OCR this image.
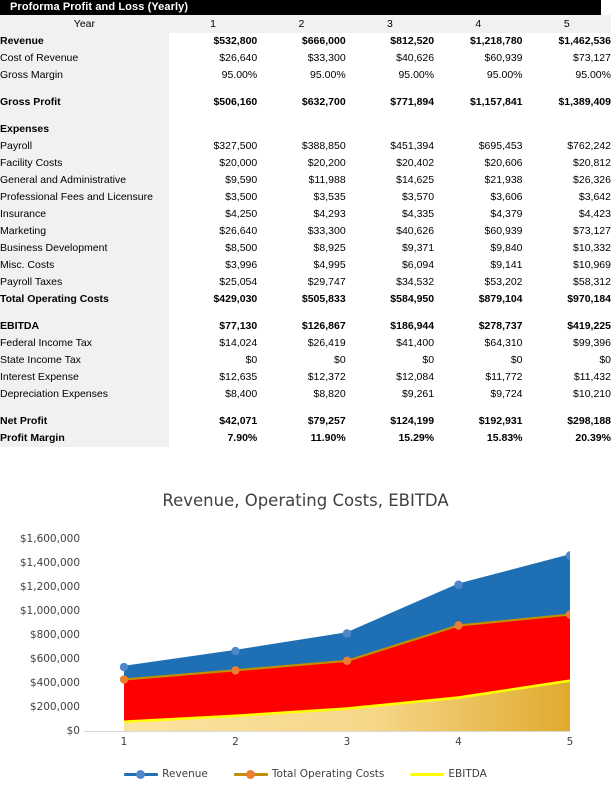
Proforma Profit and Loss (Yearly)
Year	1	2	3	4	5
Revenue	$532,800	$666,000	$812,520	$1,218,780	$1,462,536
Cost of Revenue	$26,640	$33,300	$40,626	$60,939	$73,127
Gross Margin	95.00%	95.00%	95.00%	95.00%	95.00%

Gross Profit	$506,160	$632,700	$771,894	$1,157,841	$1,389,409

Expenses					
Payroll	$327,500	$388,850	$451,394	$695,453	$762,242
Facility Costs	$20,000	$20,200	$20,402	$20,606	$20,812
General and Administrative	$9,590	$11,988	$14,625	$21,938	$26,326
Professional Fees and Licensure	$3,500	$3,535	$3,570	$3,606	$3,642
Insurance	$4,250	$4,293	$4,335	$4,379	$4,423
Marketing	$26,640	$33,300	$40,626	$60,939	$73,127
Business Development	$8,500	$8,925	$9,371	$9,840	$10,332
Misc. Costs	$3,996	$4,995	$6,094	$9,141	$10,969
Payroll Taxes	$25,054	$29,747	$34,532	$53,202	$58,312
Total Operating Costs	$429,030	$505,833	$584,950	$879,104	$970,184

EBITDA	$77,130	$126,867	$186,944	$278,737	$419,225
Federal Income Tax	$14,024	$26,419	$41,400	$64,310	$99,396
State Income Tax	$0	$0	$0	$0	$0
Interest Expense	$12,635	$12,372	$12,084	$11,772	$11,432
Depreciation Expenses	$8,400	$8,820	$9,261	$9,724	$10,210

Net Profit	$42,071	$79,257	$124,199	$192,931	$298,188
Profit Margin	7.90%	11.90%	15.29%	15.83%	20.39%
Revenue, Operating Costs, EBITDA
$0
$200,000
$400,000
$600,000
$800,000
$1,000,000
$1,200,000
$1,400,000
$1,600,000
1	2	3	4	5
Revenue	Total Operating Costs	EBITDA
